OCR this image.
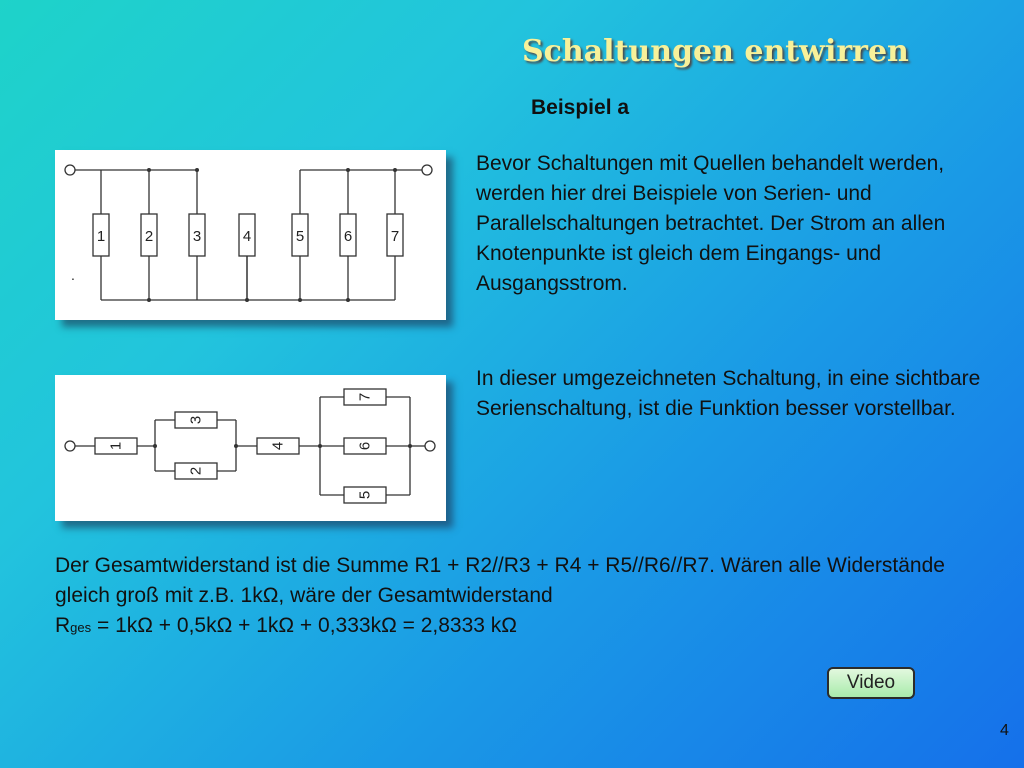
Schaltungen entwirren
Beispiel a
1	2	3	4	5	6	7
.
1
3
2
4
7
6
5
Bevor Schaltungen mit Quellen behandelt werden, werden hier drei Beispiele von Serien- und Parallelschaltungen betrachtet. Der Strom an allen Knotenpunkte ist gleich dem Eingangs- und Ausgangsstrom.
In dieser umgezeichneten Schaltung, in eine sichtbare Serienschaltung, ist die Funktion besser vorstellbar.
Der Gesamtwiderstand ist die Summe R1 + R2//R3 + R4 + R5//R6//R7. Wären alle Widerstände gleich groß mit z.B. 1kΩ, wäre der Gesamtwiderstand
Rges = 1kΩ + 0,5kΩ + 1kΩ + 0,333kΩ = 2,8333 kΩ
Video
4
